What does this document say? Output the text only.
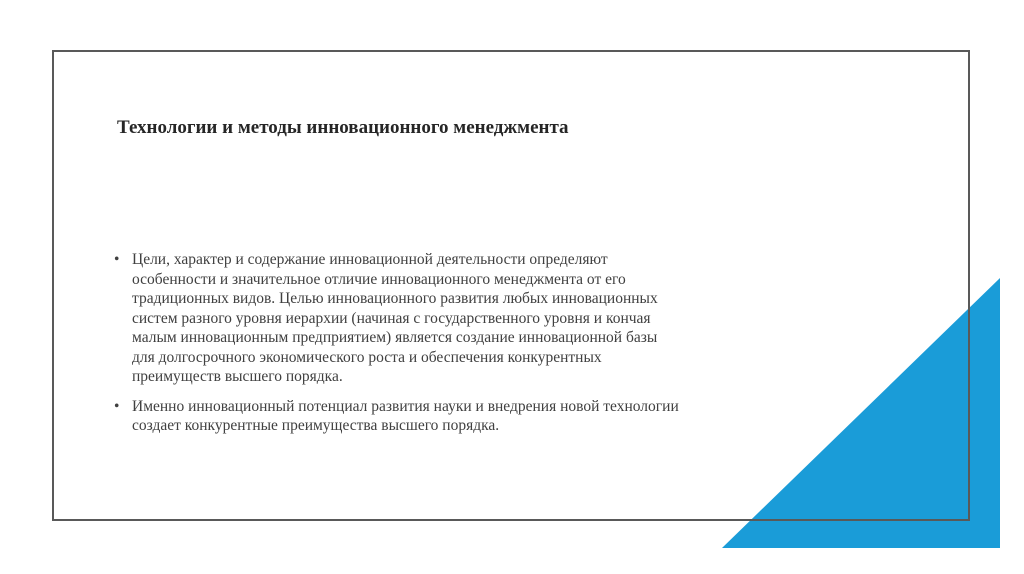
Технологии и методы инновационного менеджмента
• Цели, характер и содержание инновационной деятельности определяют
особенности и значительное отличие инновационного менеджмента от его
традиционных видов. Целью инновационного развития любых инновационных
систем разного уровня иерархии (начиная с государственного уровня и кончая
малым инновационным предприятием) является создание инновационной базы
для долгосрочного экономического роста и обеспечения конкурентных
преимуществ высшего порядка.
• Именно инновационный потенциал развития науки и внедрения новой технологии
создает конкурентные преимущества высшего порядка.
